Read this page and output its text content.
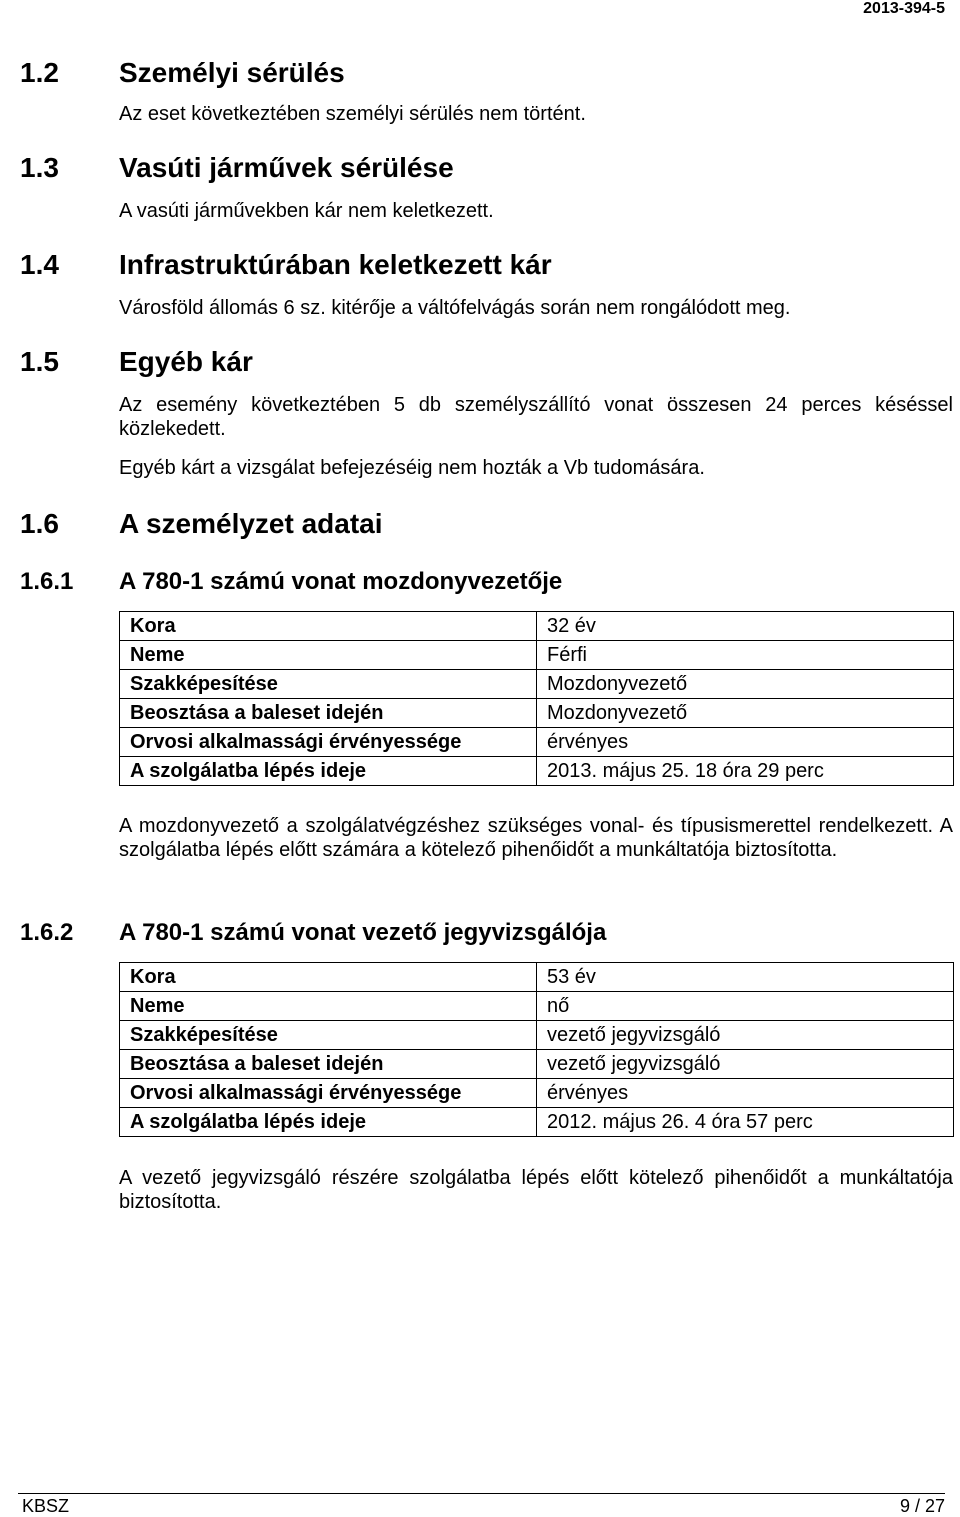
2013-394-5
1.2	Személyi sérülés

Az eset következtében személyi sérülés nem történt.

1.3	Vasúti járművek sérülése

A vasúti járművekben kár nem keletkezett.

1.4	Infrastruktúrában keletkezett kár

Városföld állomás 6 sz. kitérője a váltófelvágás során nem rongálódott meg.

1.5	Egyéb kár

Az esemény következtében 5 db személyszállító vonat összesen 24 perces késéssel közlekedett.

Egyéb kárt a vizsgálat befejezéséig nem hozták a Vb tudomására.

1.6	A személyzet adatai
1.6.1	A 780-1 számú vonat mozdonyvezetője
Kora	32 év
Neme	Férfi
Szakképesítése	Mozdonyvezető
Beosztása a baleset idején	Mozdonyvezető
Orvosi alkalmassági érvényessége	érvényes
A szolgálatba lépés ideje	2013. május 25. 18 óra 29 perc

A mozdonyvezető a szolgálatvégzéshez szükséges vonal- és típusismerettel rendelkezett. A szolgálatba lépés előtt számára a kötelező pihenőidőt a munkáltatója biztosította.

1.6.2	A 780-1 számú vonat vezető jegyvizsgálója
Kora	53 év
Neme	nő
Szakképesítése	vezető jegyvizsgáló
Beosztása a baleset idején	vezető jegyvizsgáló
Orvosi alkalmassági érvényessége	érvényes
A szolgálatba lépés ideje	2012. május 26. 4 óra 57 perc

A vezető jegyvizsgáló részére szolgálatba lépés előtt kötelező pihenőidőt a munkáltatója biztosította.

KBSZ	9 / 27
